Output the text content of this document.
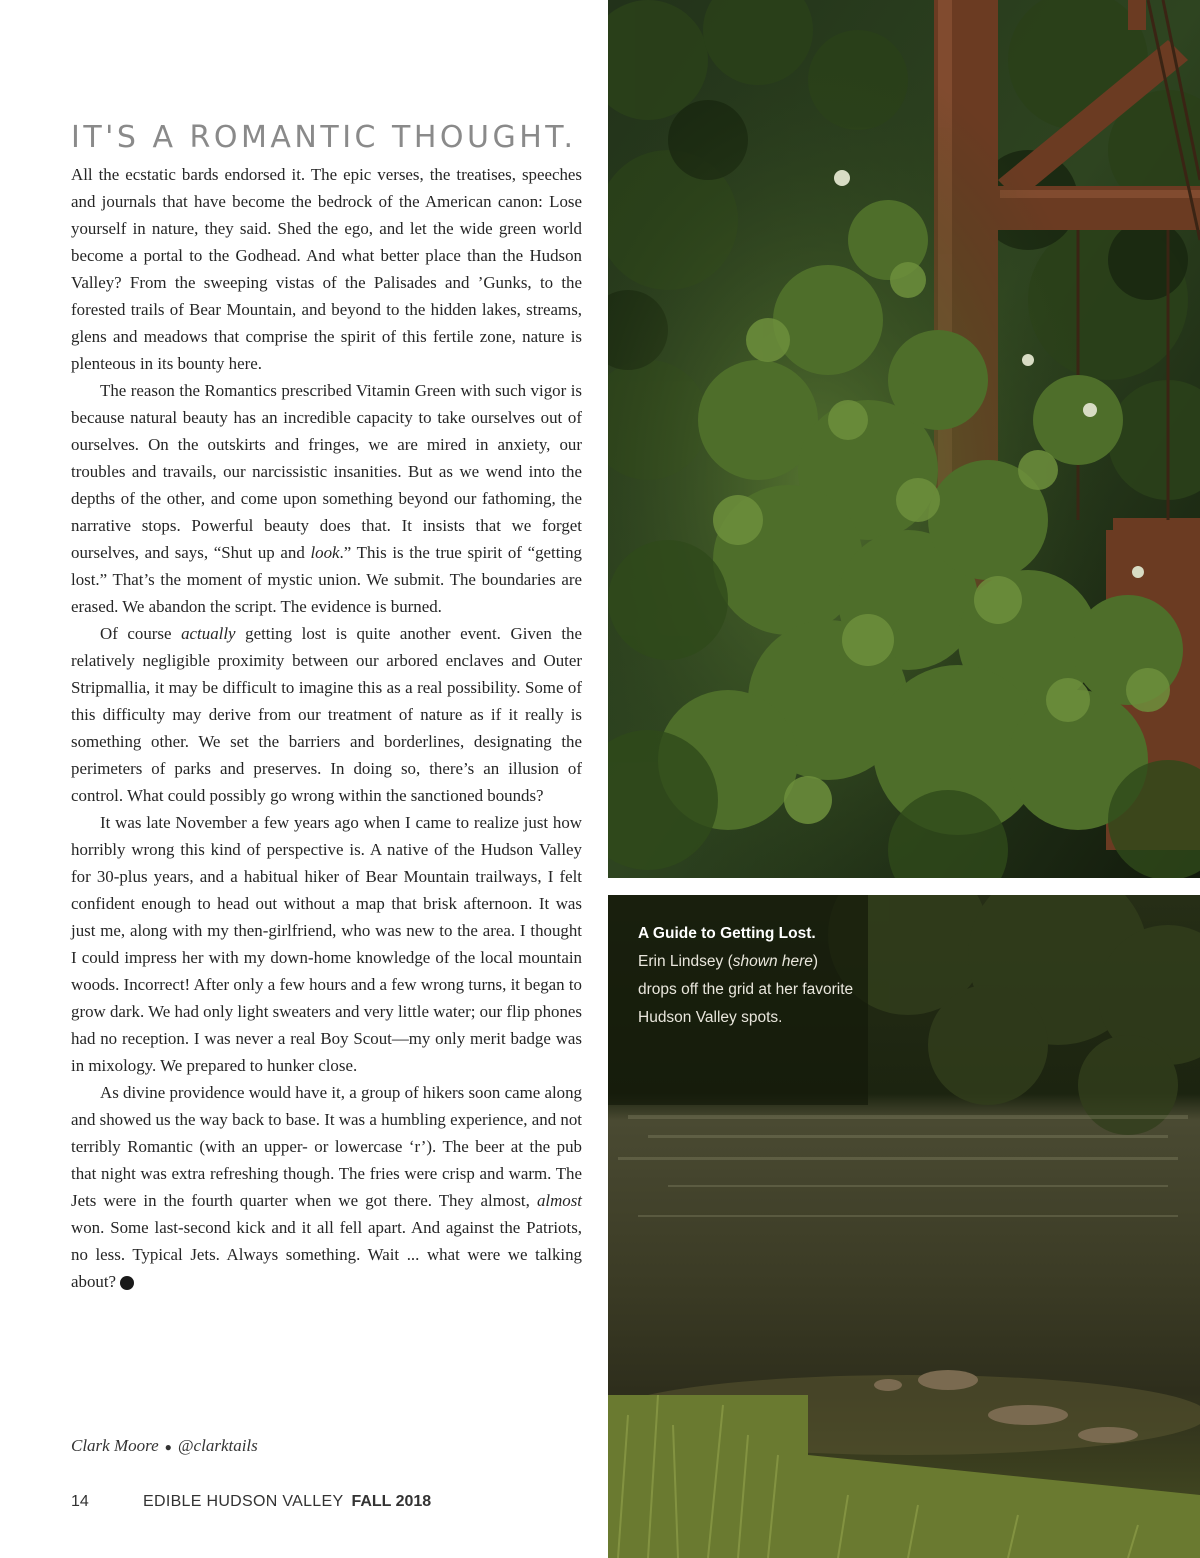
IT'S A ROMANTIC THOUGHT.

All the ecstatic bards endorsed it. The epic verses, the treatises, speeches and journals that have become the bedrock of the American canon: Lose yourself in nature, they said. Shed the ego, and let the wide green world become a portal to the Godhead. And what better place than the Hudson Valley? From the sweeping vistas of the Palisades and ’Gunks, to the forested trails of Bear Mountain, and beyond to the hidden lakes, streams, glens and meadows that comprise the spirit of this fertile zone, nature is plenteous in its bounty here.

The reason the Romantics prescribed Vitamin Green with such vigor is because natural beauty has an incredible capacity to take ourselves out of ourselves. On the outskirts and fringes, we are mired in anxiety, our troubles and travails, our narcissistic insanities. But as we wend into the depths of the other, and come upon something beyond our fathoming, the narrative stops. Powerful beauty does that. It insists that we forget ourselves, and says, “Shut up and look.” This is the true spirit of “getting lost.” That’s the moment of mystic union. We submit. The boundaries are erased. We abandon the script. The evidence is burned.

Of course actually getting lost is quite another event. Given the relatively negligible proximity between our arbored enclaves and Outer Stripmallia, it may be difficult to imagine this as a real possibility. Some of this difficulty may derive from our treatment of nature as if it really is something other. We set the barriers and borderlines, designating the perimeters of parks and preserves. In doing so, there’s an illusion of control. What could possibly go wrong within the sanctioned bounds?

It was late November a few years ago when I came to realize just how horribly wrong this kind of perspective is. A native of the Hudson Valley for 30-plus years, and a habitual hiker of Bear Mountain trailways, I felt confident enough to head out without a map that brisk afternoon. It was just me, along with my then-girlfriend, who was new to the area. I thought I could impress her with my down-home knowledge of the local mountain woods. Incorrect! After only a few hours and a few wrong turns, it began to grow dark. We had only light sweaters and very little water; our flip phones had no reception. I was never a real Boy Scout—my only merit badge was in mixology. We prepared to hunker close.

As divine providence would have it, a group of hikers soon came along and showed us the way back to base. It was a humbling experience, and not terribly Romantic (with an upper- or lowercase ‘r’). The beer at the pub that night was extra refreshing though. The fries were crisp and warm. The Jets were in the fourth quarter when we got there. They almost, almost won. Some last-second kick and it all fell apart. And against the Patriots, no less. Typical Jets. Always something. Wait ... what were we talking about?	e

Clark Moore ● @clarktails
14	EDIBLE HUDSON VALLEY FALL 2018
A Guide to Getting Lost.
Erin Lindsey (shown here) drops off the grid at her favorite Hudson Valley spots.
